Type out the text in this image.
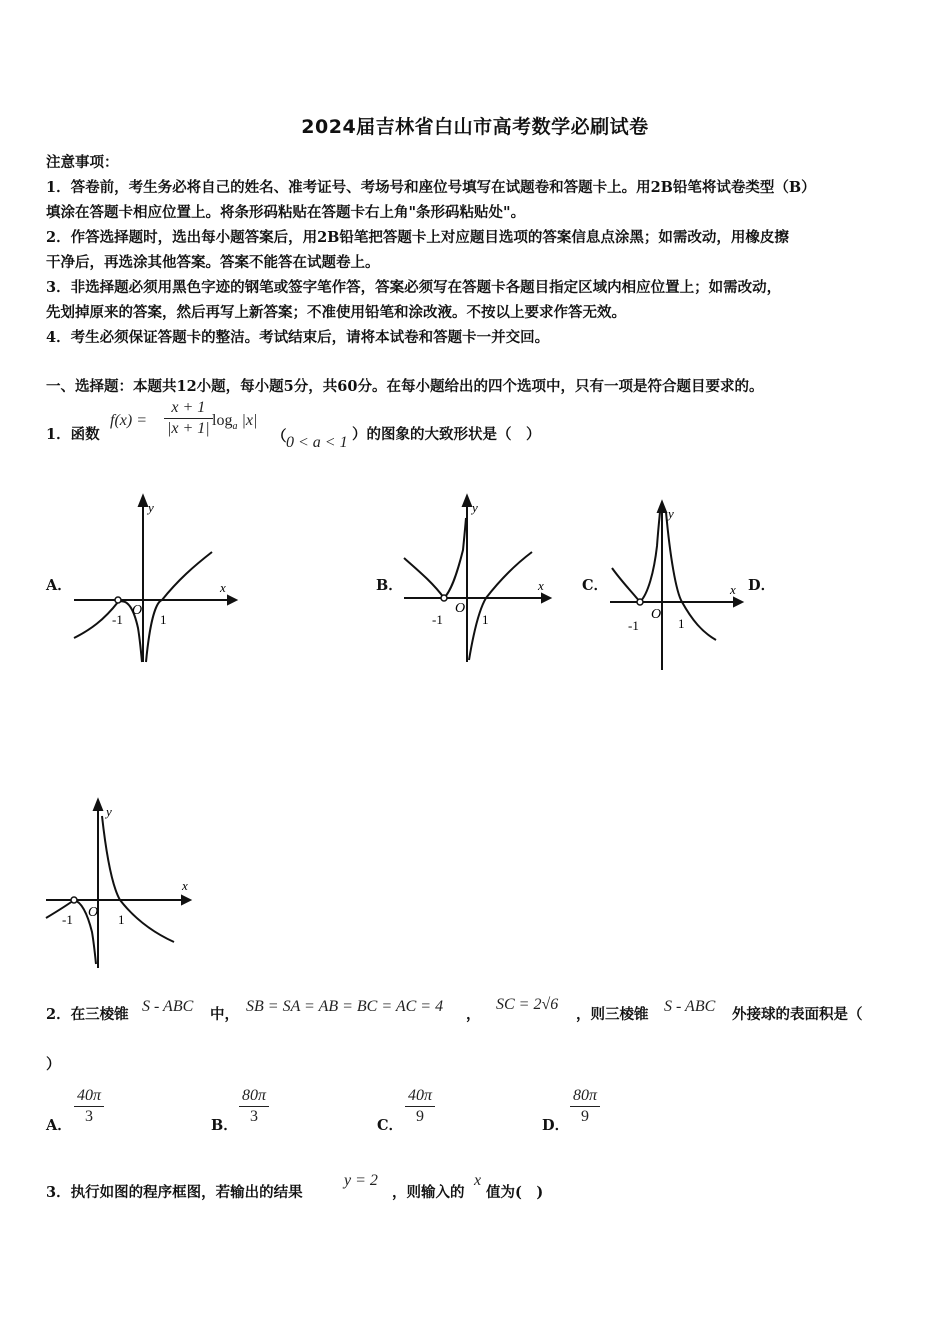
2024届吉林省白山市高考数学必刷试卷
注意事项：
1．答卷前，考生务必将自己的姓名、准考证号、考场号和座位号填写在试题卷和答题卡上。用2B铅笔将试卷类型（B）
填涂在答题卡相应位置上。将条形码粘贴在答题卡右上角"条形码粘贴处"。
2．作答选择题时，选出每小题答案后，用2B铅笔把答题卡上对应题目选项的答案信息点涂黑；如需改动，用橡皮擦
干净后，再选涂其他答案。答案不能答在试题卷上。
3．非选择题必须用黑色字迹的钢笔或签字笔作答，答案必须写在答题卡各题目指定区域内相应位置上；如需改动，
先划掉原来的答案，然后再写上新答案；不准使用铅笔和涂改液。不按以上要求作答无效。
4．考生必须保证答题卡的整洁。考试结束后，请将本试卷和答题卡一并交回。
一、选择题：本题共12小题，每小题5分，共60分。在每小题给出的四个选项中，只有一项是符合题目要求的。
1．函数
$f(x) = \frac{x + 1}{|x + 1|} \log_a |x|$
（ 0 < a < 1 ）的图象的大致形状是（　）
A．	B．	C．	D．
y
x
-1
O
1
y
x
-1
O
1
y
x
-1
O
1
y
x
-1 O 1
2．在三棱锥 S - ABC 中， SB = SA = AB = BC = AC = 4 ，
SC = 2√6
，则三棱锥 S - ABC 外接球的表面积是（
）
A． $\frac{40\pi}{3}$	B． $\frac{80\pi}{3}$	C． $\frac{40\pi}{9}$	D． $\frac{80\pi}{9}$
3．执行如图的程序框图，若输出的结果
y = 2
，则输入的
x
值为(　)
